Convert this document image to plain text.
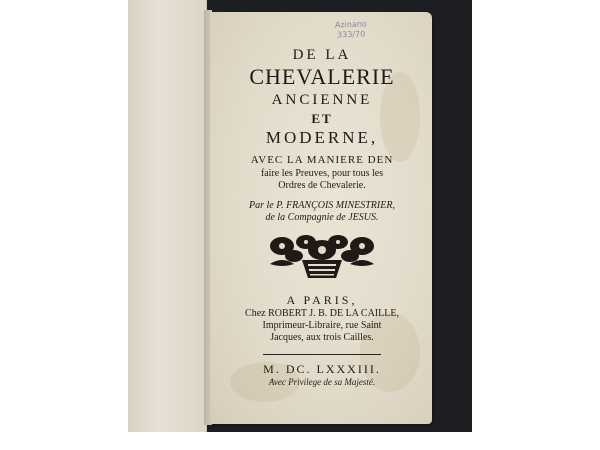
Azinano
333/70
DE LA
CHEVALERIE
ANCIENNE
ET
MODERNE,
AVEC LA MANIERE DEN
faire les Preuves, pour tous les
Ordres de Chevalerie.
Par le P. FRANÇOIS MINESTRIER,
de la Compagnie de JESUS.
A PARIS,
Chez ROBERT J. B. DE LA CAILLE,
Imprimeur-Libraire, rue Saint
Jacques, aux trois Cailles.
M. DC. LXXXIII.
Avec Privilege de sa Majesté.
